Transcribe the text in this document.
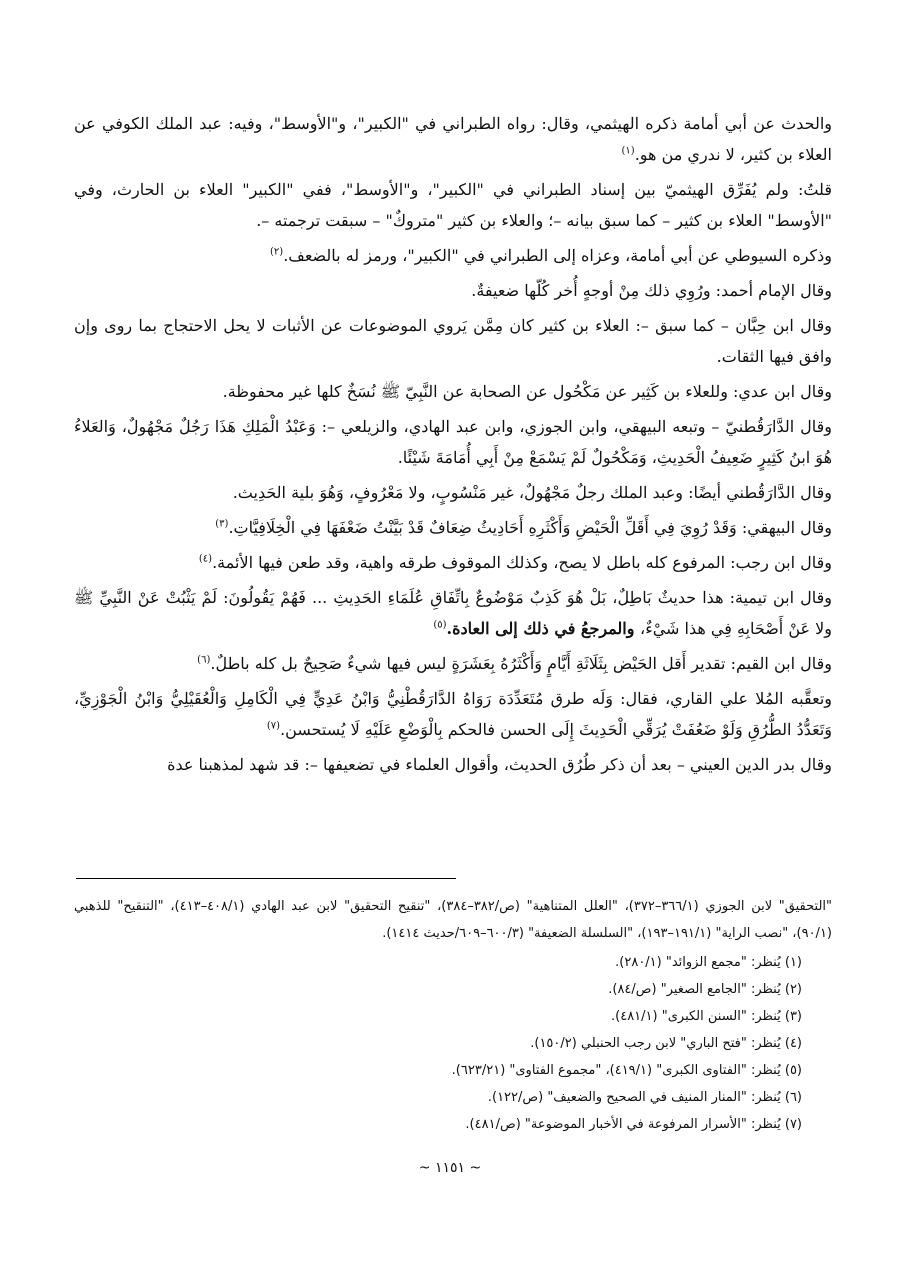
والحدث عن أبي أمامة ذكره الهيثمي، وقال: رواه الطبراني في "الكبير"، و"الأوسط"، وفيه: عبد الملك الكوفي عن العلاء بن كثير، لا ندري من هو.$^{(١)}$

قلتُ: ولم يُفَرِّق الهيثميّ بين إسناد الطبراني في "الكبير"، و"الأوسط"، ففي "الكبير" العلاء بن الحارث، وفي "الأوسط" العلاء بن كثير – كما سبق بيانه –؛ والعلاء بن كثير "متروكٌ" – سبقت ترجمته –.

وذكره السيوطي عن أبي أمامة، وعزاه إلى الطبراني في "الكبير"، ورمز له بالضعف.$^{(٢)}$

وقال الإمام أحمد: ورُوِي ذلك مِنْ أوجهٍ أُخر كُلّها ضعيفةٌ.

وقال ابن حِبَّان – كما سبق –: العلاء بن كثير كان مِمَّن يَروي الموضوعات عن الأثبات لا يحل الاحتجاج بما روى وإن وافق فيها الثقات.

وقال ابن عدي: وللعلاء بن كَثِير عن مَكْحُول عن الصحابة عن النَّبِيّ ﷺ نُسَخٌ كلها غير محفوظة.

وقال الدَّارَقُطنيّ – وتبعه البيهقي، وابن الجوزي، وابن عبد الهادي، والزيلعي –: وَعَبْدُ الْمَلِكِ هَذَا رَجُلٌ مَجْهُولٌ، وَالعَلاءُ هُوَ ابنُ كَثِيرٍ ضَعِيفُ الْحَدِيثِ، وَمَكْحُولٌ لَمْ يَسْمَعْ مِنْ أَبِي أُمَامَةَ شَيْئًا.

وقال الدَّارَقُطني أيضًا: وعبد الملك رجلٌ مَجْهُولٌ، غير مَنْسُوبٍ، ولا مَعْرُوفٍ، وَهُوَ بلية الحَدِيث.

وقال البيهقي: وَقَدْ رُوِيَ فِي أَقَلِّ الْحَيْضِ وَأَكْثَرِهِ أَحَادِيثُ ضِعَافٌ قَدْ بَيَّنْتُ ضَعْفَهَا فِي الْخِلَافِيَّاتِ.$^{(٣)}$

وقال ابن رجب: المرفوع كله باطل لا يصح، وكذلك الموقوف طرقه واهية، وقد طعن فيها الأئمة.$^{(٤)}$

وقال ابن تيمية: هذا حديثٌ بَاطِلٌ، بَلْ هُوَ كَذِبٌ مَوْضُوعٌ بِاتِّفَاقِ عُلَمَاءِ الحَدِيثِ ... فَهُمْ يَقُولُونَ: لَمْ يَثْبُتْ عَنْ النَّبِيِّ ﷺ ولا عَنْ أَصْحَابِهِ فِي هذا شَيْءٌ، والمرجعُ في ذلك إلى العادة.$^{(٥)}$

وقال ابن القيم: تقدير أَقل الحَيْض بِثَلَاثَةِ أَيَّامٍ وَأَكْثَرُهُ بِعَشَرَةٍ ليس فيها شيءٌ صَحِيحٌ بل كله باطلٌ.$^{(٦)}$

وتعقَّبه المُلا علي القاري، فقال: وَلَه طرق مُتَعَدِّدَة رَوَاهُ الدَّارَقُطْنِيُّ وَابْنُ عَدِيٍّ فِي الْكَامِلِ وَالْعُقَيْلِيُّ وَابْنُ الْجَوْزِيِّ، وَتَعَدُّدُ الطُّرُقِ وَلَوْ ضَعُفَتْ يُرَقِّي الْحَدِيثَ إِلَى الحسن فالحكم بِالْوَضْعِ عَلَيْهِ لَا يُستحسن.$^{(٧)}$

وقال بدر الدين العيني – بعد أن ذكر طُرُق الحديث، وأقوال العلماء في تضعيفها –: قد شهد لمذهبنا عدة

"التحقيق" لابن الجوزي (٣٦٦/١–٣٧٢)، "العلل المتناهية" (ص/٣٨٢–٣٨٤)، "تنقيح التحقيق" لابن عبد الهادي (٤٠٨/١–٤١٣)، "التنقيح" للذهبي (٩٠/١)، "نصب الراية" (١٩١/١–١٩٣)، "السلسلة الضعيفة" (٦٠٠/٣–٦٠٩/حديث ١٤١٤).

(١) يُنظر: "مجمع الزوائد" (٢٨٠/١).

(٢) يُنظر: "الجامع الصغير" (ص/٨٤).

(٣) يُنظر: "السنن الكبرى" (٤٨١/١).

(٤) يُنظر: "فتح الباري" لابن رجب الحنبلي (١٥٠/٢).

(٥) يُنظر: "الفتاوى الكبرى" (٤١٩/١)، "مجموع الفتاوى" (٦٢٣/٢١).

(٦) يُنظر: "المنار المنيف في الصحيح والضعيف" (ص/١٢٢).

(٧) يُنظر: "الأسرار المرفوعة في الأخبار الموضوعة" (ص/٤٨١).

~ ١١٥١ ~
